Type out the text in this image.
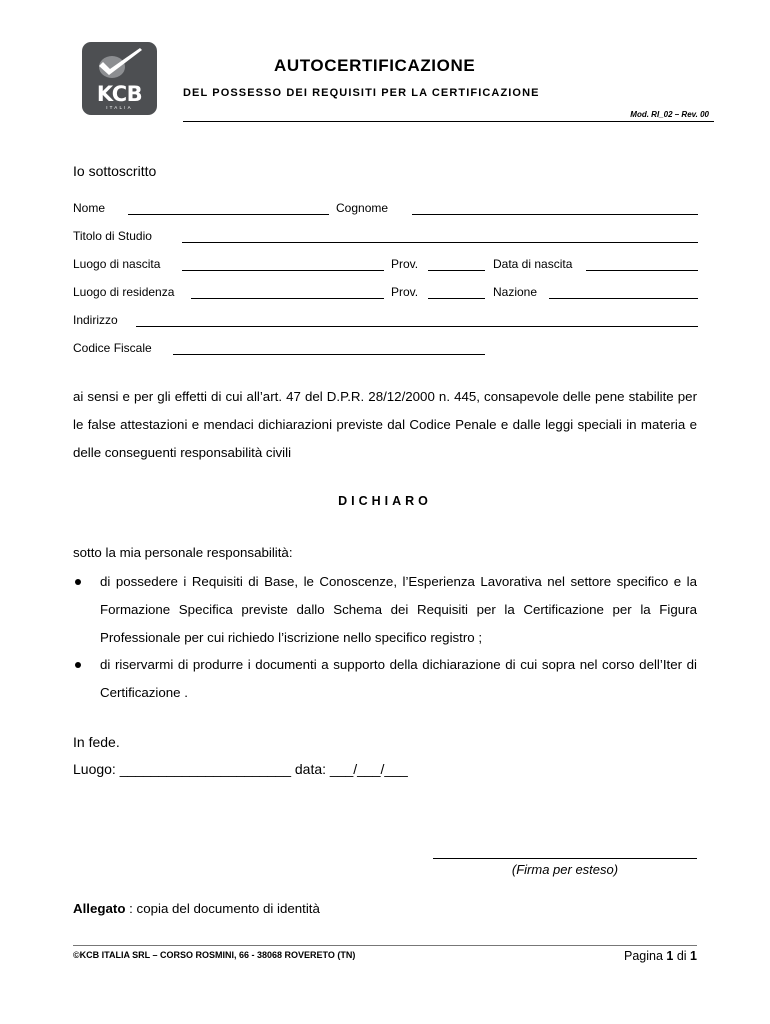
KCB
ITALIA
AUTOCERTIFICAZIONE
DEL POSSESSO DEI REQUISITI PER LA CERTIFICAZIONE
Mod. RI_02 – Rev. 00
Io sottoscritto
Nome	Cognome
Titolo di Studio
Luogo di nascita	Prov.	Data di nascita
Luogo di residenza	Prov.	Nazione
Indirizzo
Codice Fiscale
ai sensi e per gli effetti di cui all’art. 47 del D.P.R. 28/12/2000 n. 445, consapevole delle pene stabilite per le false attestazioni e mendaci dichiarazioni previste dal Codice Penale e dalle leggi speciali in materia e delle conseguenti responsabilità civili
DICHIARO
sotto la mia personale responsabilità:
di possedere i Requisiti di Base, le Conoscenze, l’Esperienza Lavorativa nel settore specifico e la Formazione Specifica previste dallo Schema dei Requisiti per la Certificazione per la Figura Professionale per cui richiedo l’iscrizione nello specifico registro ;
di riservarmi di produrre i documenti a supporto della dichiarazione di cui sopra nel corso dell’Iter di Certificazione .
In fede.
Luogo: ______________________ data: ___/___/___
(Firma per esteso)
Allegato : copia del documento di identità
©KCB ITALIA SRL – CORSO ROSMINI, 66 - 38068 ROVERETO (TN)	Pagina 1 di 1
